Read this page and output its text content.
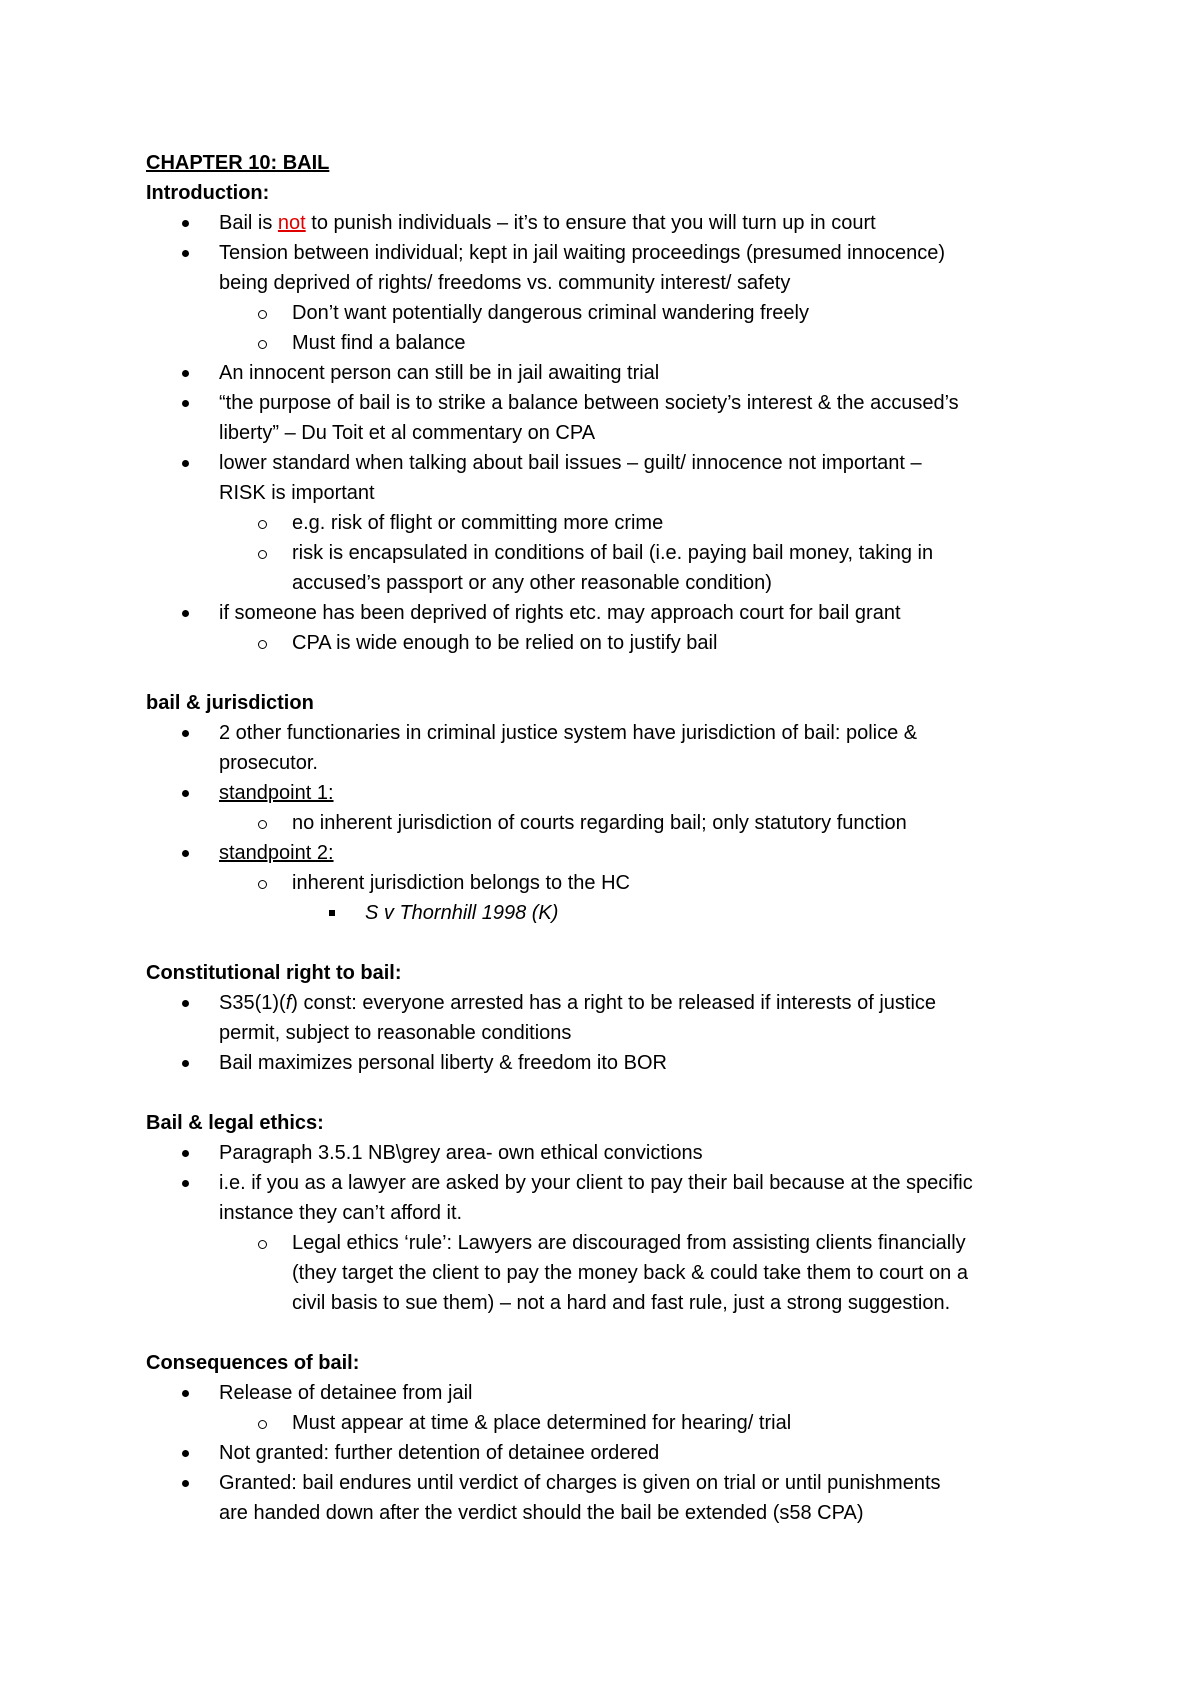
CHAPTER 10: BAIL
Introduction:
Bail is not to punish individuals – it’s to ensure that you will turn up in court
Tension between individual; kept in jail waiting proceedings (presumed innocence)
being deprived of rights/ freedoms vs. community interest/ safety
Don’t want potentially dangerous criminal wandering freely
Must find a balance
An innocent person can still be in jail awaiting trial
“the purpose of bail is to strike a balance between society’s interest & the accused’s
liberty” – Du Toit et al commentary on CPA
lower standard when talking about bail issues – guilt/ innocence not important –
RISK is important
e.g. risk of flight or committing more crime
risk is encapsulated in conditions of bail (i.e. paying bail money, taking in
accused’s passport or any other reasonable condition)
if someone has been deprived of rights etc. may approach court for bail grant
CPA is wide enough to be relied on to justify bail
bail & jurisdiction
2 other functionaries in criminal justice system have jurisdiction of bail: police &
prosecutor.
standpoint 1:
no inherent jurisdiction of courts regarding bail; only statutory function
standpoint 2:
inherent jurisdiction belongs to the HC
S v Thornhill 1998 (K)
Constitutional right to bail:
S35(1)(f) const: everyone arrested has a right to be released if interests of justice
permit, subject to reasonable conditions
Bail maximizes personal liberty & freedom ito BOR
Bail & legal ethics:
Paragraph 3.5.1 NB\grey area- own ethical convictions
i.e. if you as a lawyer are asked by your client to pay their bail because at the specific
instance they can’t afford it.
Legal ethics ‘rule’: Lawyers are discouraged from assisting clients financially
(they target the client to pay the money back & could take them to court on a
civil basis to sue them) – not a hard and fast rule, just a strong suggestion.
Consequences of bail:
Release of detainee from jail
Must appear at time & place determined for hearing/ trial
Not granted: further detention of detainee ordered
Granted: bail endures until verdict of charges is given on trial or until punishments
are handed down after the verdict should the bail be extended (s58 CPA)
